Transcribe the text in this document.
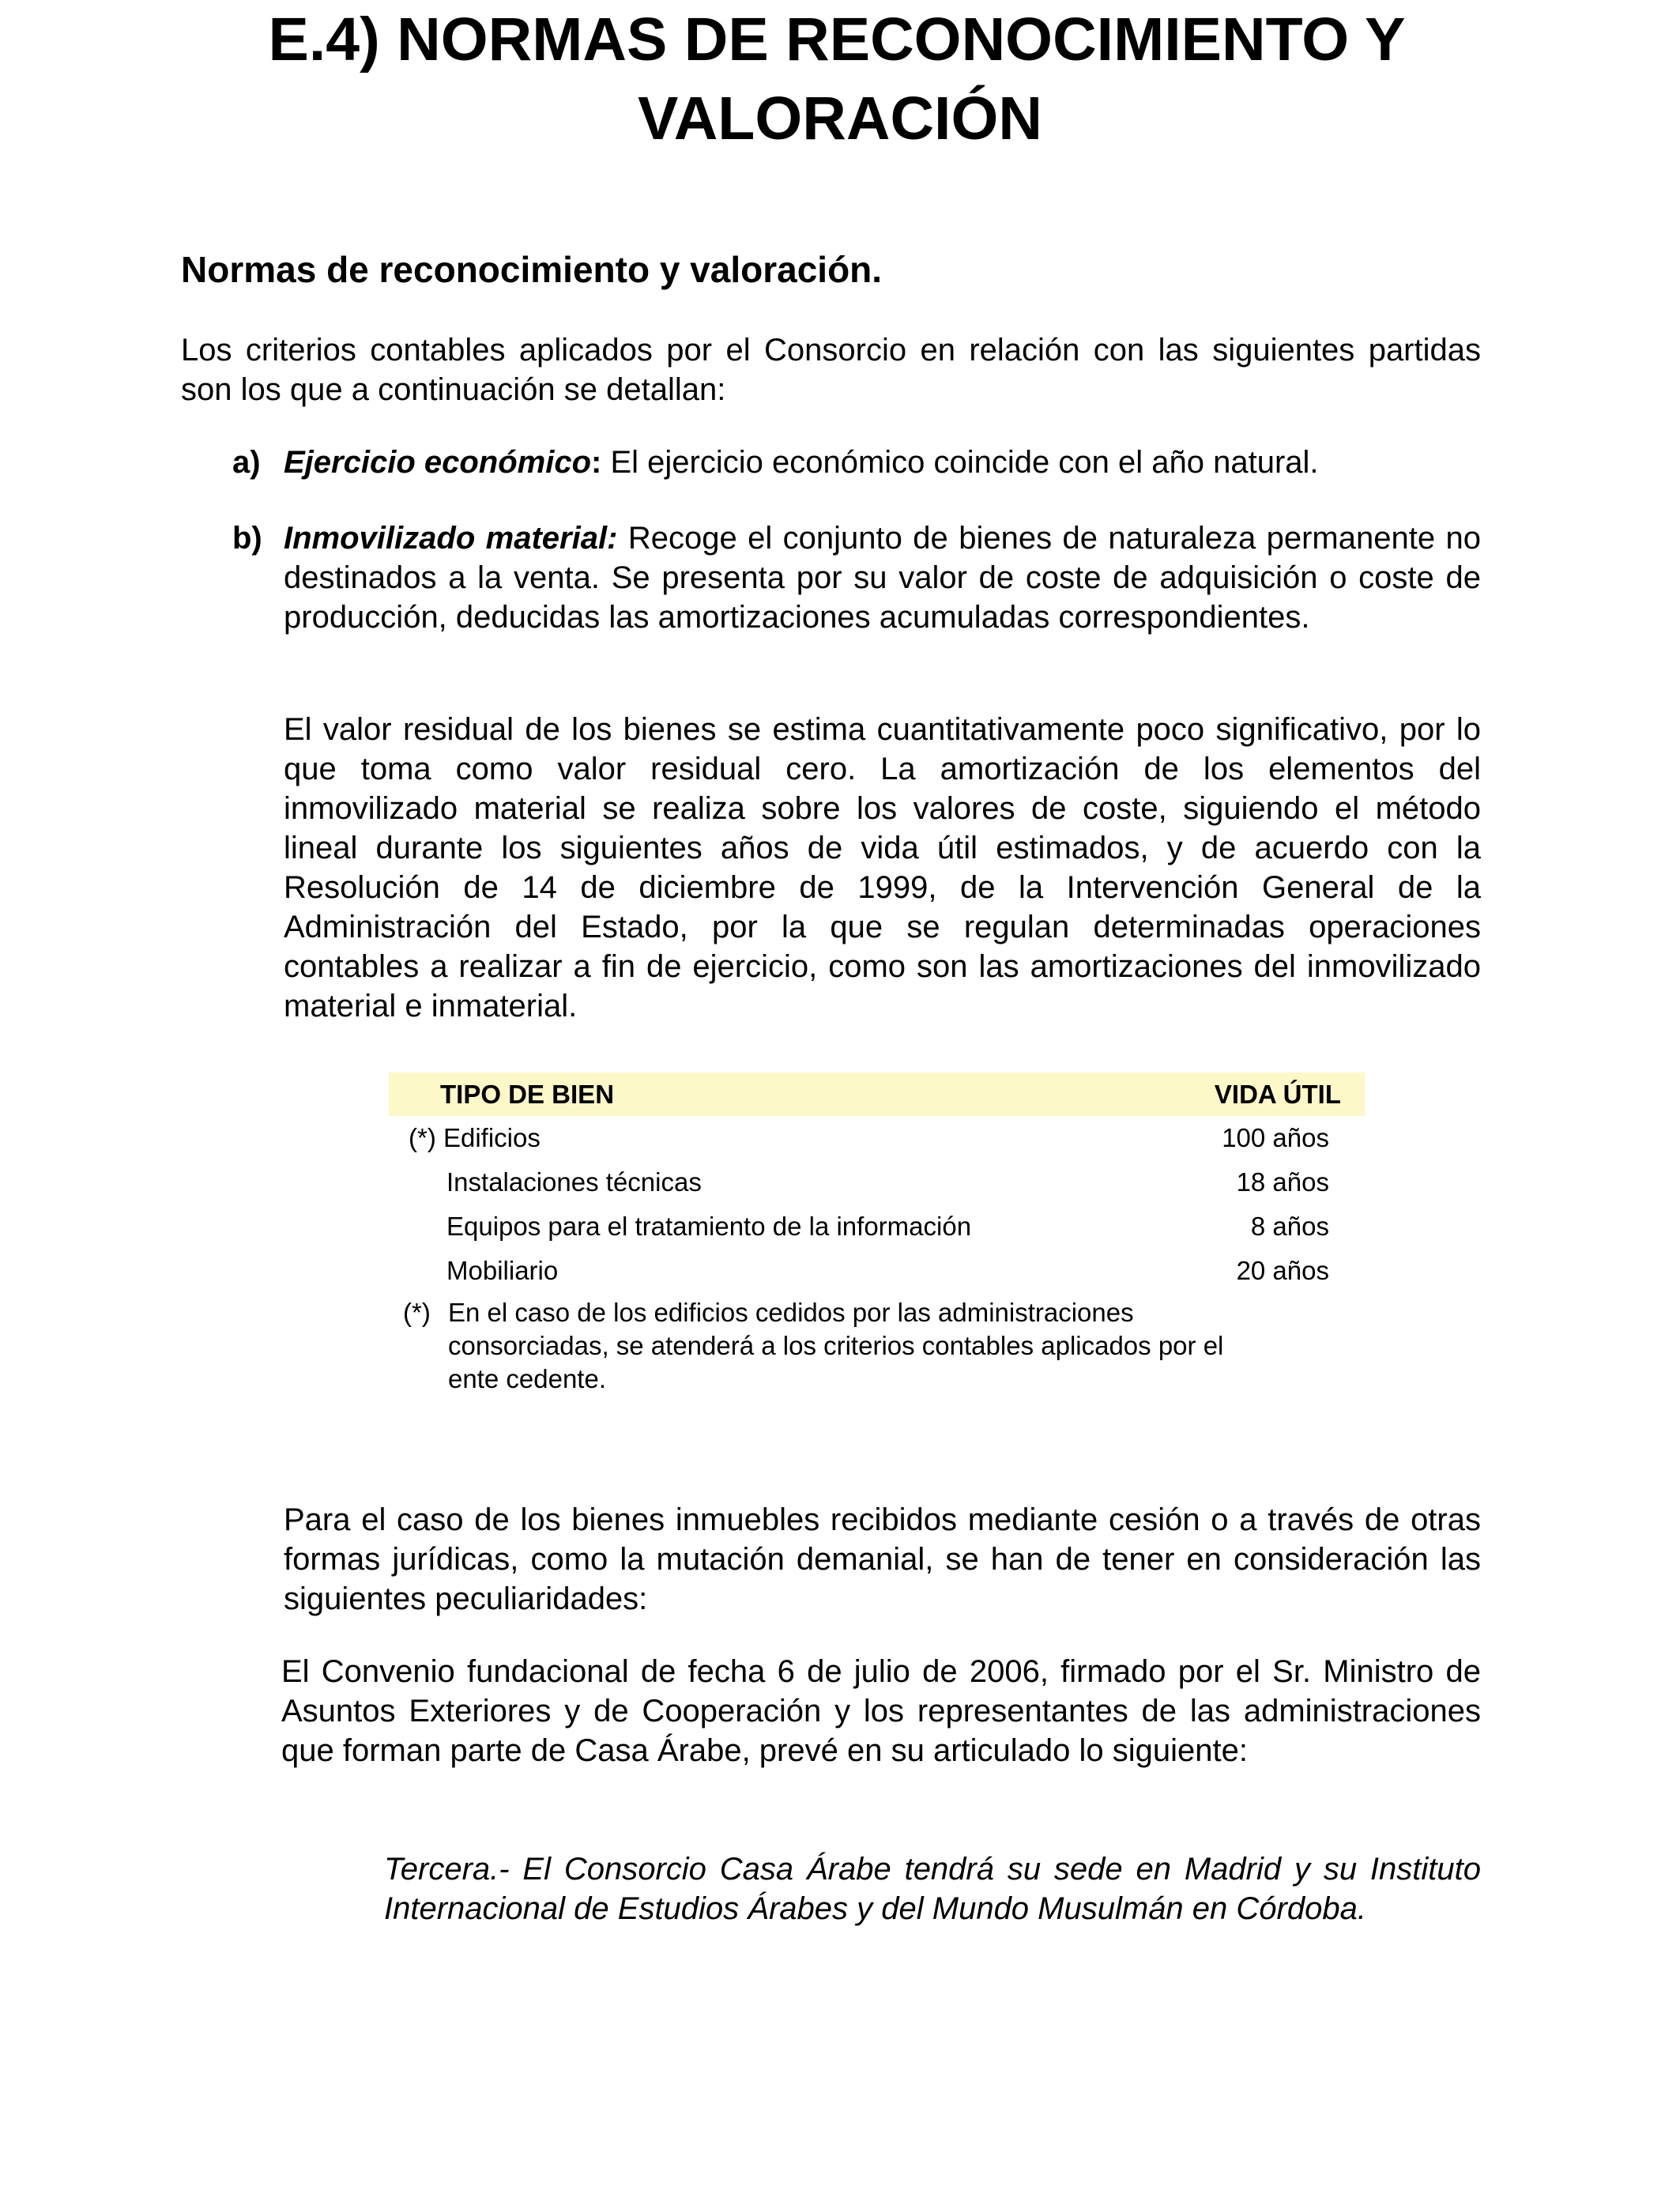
E.4) NORMAS DE RECONOCIMIENTO Y
VALORACIÓN
Normas de reconocimiento y valoración.

Los criterios contables aplicados por el Consorcio en relación con las siguientes partidas son los que a continuación se detallan:

a) Ejercicio económico: El ejercicio económico coincide con el año natural.
b) Inmovilizado material: Recoge el conjunto de bienes de naturaleza permanente no destinados a la venta. Se presenta por su valor de coste de adquisición o coste de producción, deducidas las amortizaciones acumuladas correspondientes.

El valor residual de los bienes se estima cuantitativamente poco significativo, por lo que toma como valor residual cero. La amortización de los elementos del inmovilizado material se realiza sobre los valores de coste, siguiendo el método lineal durante los siguientes años de vida útil estimados, y de acuerdo con la Resolución de 14 de diciembre de 1999, de la Intervención General de la Administración del Estado, por la que se regulan determinadas operaciones contables a realizar a fin de ejercicio, como son las amortizaciones del inmovilizado material e inmaterial.

TIPO DE BIEN	VIDA ÚTIL
(*) Edificios	100 años
Instalaciones técnicas	18 años
Equipos para el tratamiento de la información	8 años
Mobiliario	20 años
(*) En el caso de los edificios cedidos por las administraciones consorciadas, se atenderá a los criterios contables aplicados por el ente cedente.

Para el caso de los bienes inmuebles recibidos mediante cesión o a través de otras formas jurídicas, como la mutación demanial, se han de tener en consideración las siguientes peculiaridades:

El Convenio fundacional de fecha 6 de julio de 2006, firmado por el Sr. Ministro de Asuntos Exteriores y de Cooperación y los representantes de las administraciones que forman parte de Casa Árabe, prevé en su articulado lo siguiente:

Tercera.- El Consorcio Casa Árabe tendrá su sede en Madrid y su Instituto Internacional de Estudios Árabes y del Mundo Musulmán en Córdoba.
